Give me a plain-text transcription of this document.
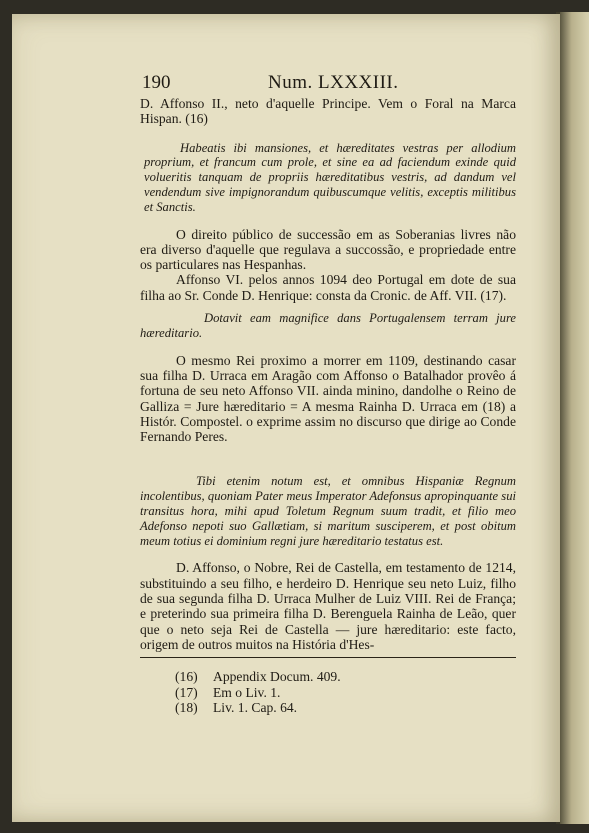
190	Num. LXXXIII.

D. Affonso II., neto d'aquelle Principe. Vem o Foral na Marca Hispan. (16)

Habeatis ibi mansiones, et hæreditates vestras per allodium proprium, et francum cum prole, et sine ea ad faciendum exinde quid volueritis tanquam de propriis hæreditatibus vestris, ad dandum vel vendendum sive impignorandum quibuscumque velitis, exceptis militibus et Sanctis.

O direito público de successão em as Soberanias livres não era diverso d'aquelle que regulava a succossão, e propriedade entre os particulares nas Hespanhas.

Affonso VI. pelos annos 1094 deo Portugal em dote de sua filha ao Sr. Conde D. Henrique: consta da Cronic. de Aff. VII. (17).

Dotavit eam magnifice dans Portugalensem terram jure hæreditario.

O mesmo Rei proximo a morrer em 1109, destinando casar sua filha D. Urraca em Aragão com Affonso o Batalhador provêo á fortuna de seu neto Affonso VII. ainda minino, dandolhe o Reino de Galliza = Jure hæreditario = A mesma Rainha D. Urraca em (18) a Histór. Compostel. o exprime assim no discurso que dirige ao Conde Fernando Peres.

Tibi etenim notum est, et omnibus Hispaniæ Regnum incolentibus, quoniam Pater meus Imperator Adefonsus apropinquante sui transitus hora, mihi apud Toletum Regnum suum tradit, et filio meo Adefonso nepoti suo Gallætiam, si maritum susciperem, et post obitum meum totius ei dominium regni jure hæreditario testatus est.

D. Affonso, o Nobre, Rei de Castella, em testamento de 1214, substituindo a seu filho, e herdeiro D. Henrique seu neto Luiz, filho de sua segunda filha D. Urraca Mulher de Luiz VIII. Rei de França; e preterindo sua primeira filha D. Berenguela Rainha de Leão, quer que o neto seja Rei de Castella — jure hæreditario: este facto, origem de outros muitos na História d'Hes-

(16)	Appendix Docum. 409.
(17)	Em o Liv. 1.
(18)	Liv. 1. Cap. 64.
